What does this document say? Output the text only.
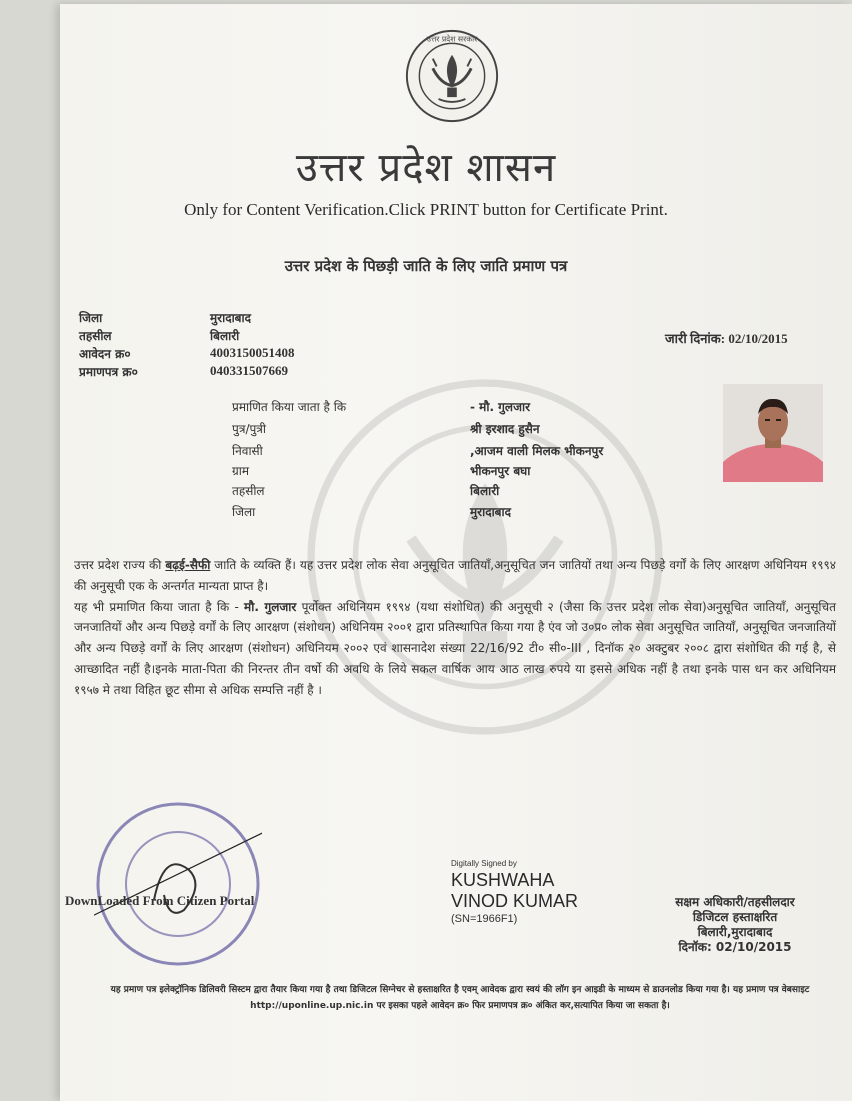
उत्तर प्रदेश सरकार
उत्तर प्रदेश शासन
Only for Content Verification.Click PRINT button for Certificate Print.
उत्तर प्रदेश के पिछड़ी जाति के लिए जाति प्रमाण पत्र
जिला	मुरादाबाद
तहसील	बिलारी
आवेदन क्र०	4003150051408
प्रमाणपत्र क्र०	040331507669
जारी दिनांक: 02/10/2015
प्रमाणित किया जाता है कि	- मौ. गुलजार
पुत्र/पुत्री	श्री इरशाद हुसैन
निवासी	,आजम वाली मिलक भीकनपुर
ग्राम	भीकनपुर बघा
तहसील	बिलारी
जिला	मुरादाबाद

उत्तर प्रदेश राज्य की बढ़ई-सैफी जाति के व्यक्ति हैं। यह उत्तर प्रदेश लोक सेवा अनुसूचित जातियाँ,अनुसूचित जन जातियों तथा अन्य पिछड़े वर्गों के लिए आरक्षण अधिनियम १९९४ की अनुसूची एक के अन्तर्गत मान्यता प्राप्त है।

यह भी प्रमाणित किया जाता है कि - मौ. गुलजार पूर्वोक्त अधिनियम १९९४ (यथा संशोधित) की अनुसूची २ (जैसा कि उत्तर प्रदेश लोक सेवा)अनुसूचित जातियाँ, अनुसूचित जनजातियों और अन्य पिछड़े वर्गों के लिए आरक्षण (संशोधन) अधिनियम २००१ द्वारा प्रतिस्थापित किया गया है एंव जो उ०प्र० लोक सेवा अनुसूचित जातियाँ, अनुसूचित जनजातियों और अन्य पिछड़े वर्गों के लिए आरक्षण (संशोधन) अधिनियम २००२ एवं शासनादेश संख्या 22/16/92 टी० सी०-III , दिनॉक २० अक्टुबर २००८ द्वारा संशोधित की गई है, से आच्छादित नहीं है।इनके माता-पिता की निरन्तर तीन वर्षो की अवधि के लिये सकल वार्षिक आय आठ लाख रुपये या इससे अधिक नहीं है तथा इनके पास धन कर अधिनियम १९५७ मे तथा विहित छूट सीमा से अधिक सम्पत्ति नहीं है ।

DownLoaded From Citizen Portal
Digitally Signed by
KUSHWAHA
VINOD KUMAR
(SN=1966F1)
सक्षम अधिकारी/तहसीलदार
डिजिटल हस्ताक्षरित
बिलारी,मुरादाबाद
दिनॉक: 02/10/2015
यह प्रमाण पत्र इलेक्ट्रॉनिक डिलिवरी सिस्टम द्वारा तैयार किया गया है तथा डिजिटल सिग्नेचर से हस्ताक्षरित है एवम् आवेदक द्वारा स्वयं की लॉग इन आइडी के माध्यम से डाउनलोड किया गया है। यह प्रमाण पत्र वेबसाइट http://uponline.up.nic.in पर इसका पहले आवेदन क्र० फिर प्रमाणपत्र क्र० अंकित कर,सत्यापित किया जा सकता है।
